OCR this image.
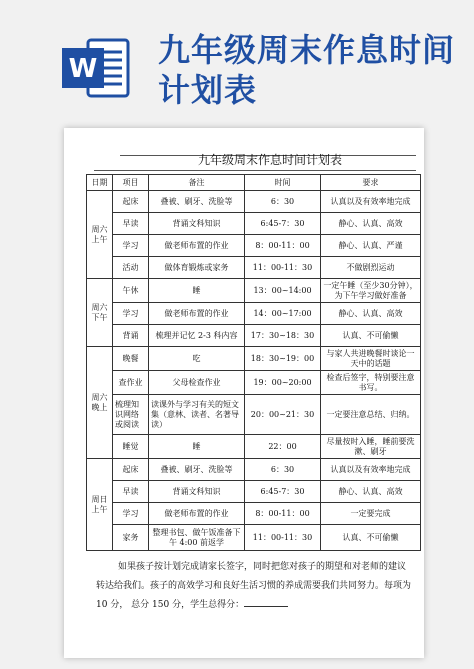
W 九年级周末作息时间计划表
九年级周末作息时间计划表
日期	项目	备注	时间	要求
周六上午	起床	叠被、刷牙、洗脸等	6：30	认真以及有效率地完成
	早读	背诵文科知识	6:45-7：30	静心、认真、高效
	学习	做老师布置的作业	8：00-11：00	静心、认真、严谨
	活动	做体育锻炼或家务	11：00-11：30	不做剧烈运动
周六下午	午休	睡	13：00~14:00	一定午睡（至少30分钟），为下午学习做好准备
	学习	做老师布置的作业	14：00~17:00	静心、认真、高效
	背诵	梳理并记忆 2-3 科内容	17：30~18：30	认真、不可偷懒
周六晚上	晚餐	吃	18：30~19：00	与家人共进晚餐时谈论一天中的话题
	查作业	父母检查作业	19：00~20:00	检查后签字，特别要注意书写。
	梳理知识网络或阅读	读课外与学习有关的短文集（意林、读者、名著导读）	20：00~21：30	一定要注意总结、归纳。
	睡觉	睡	22：00	尽量按时入睡，睡前要洗漱、刷牙
周日上午	起床	叠被、刷牙、洗脸等	6：30	认真以及有效率地完成
	早读	背诵文科知识	6:45-7：30	静心、认真、高效
	学习	做老师布置的作业	8：00-11：00	一定要完成
	家务	整理书包、做午饭准备下午 4:00 前返学	11：00-11：30	认真、不可偷懒
如果孩子按计划完成请家长签字，同时把您对孩子的期望和对老师的建议转达给我们。孩子的高效学习和良好生活习惯的养成需要我们共同努力。每项为 10 分， 总分 150 分，学生总得分：
